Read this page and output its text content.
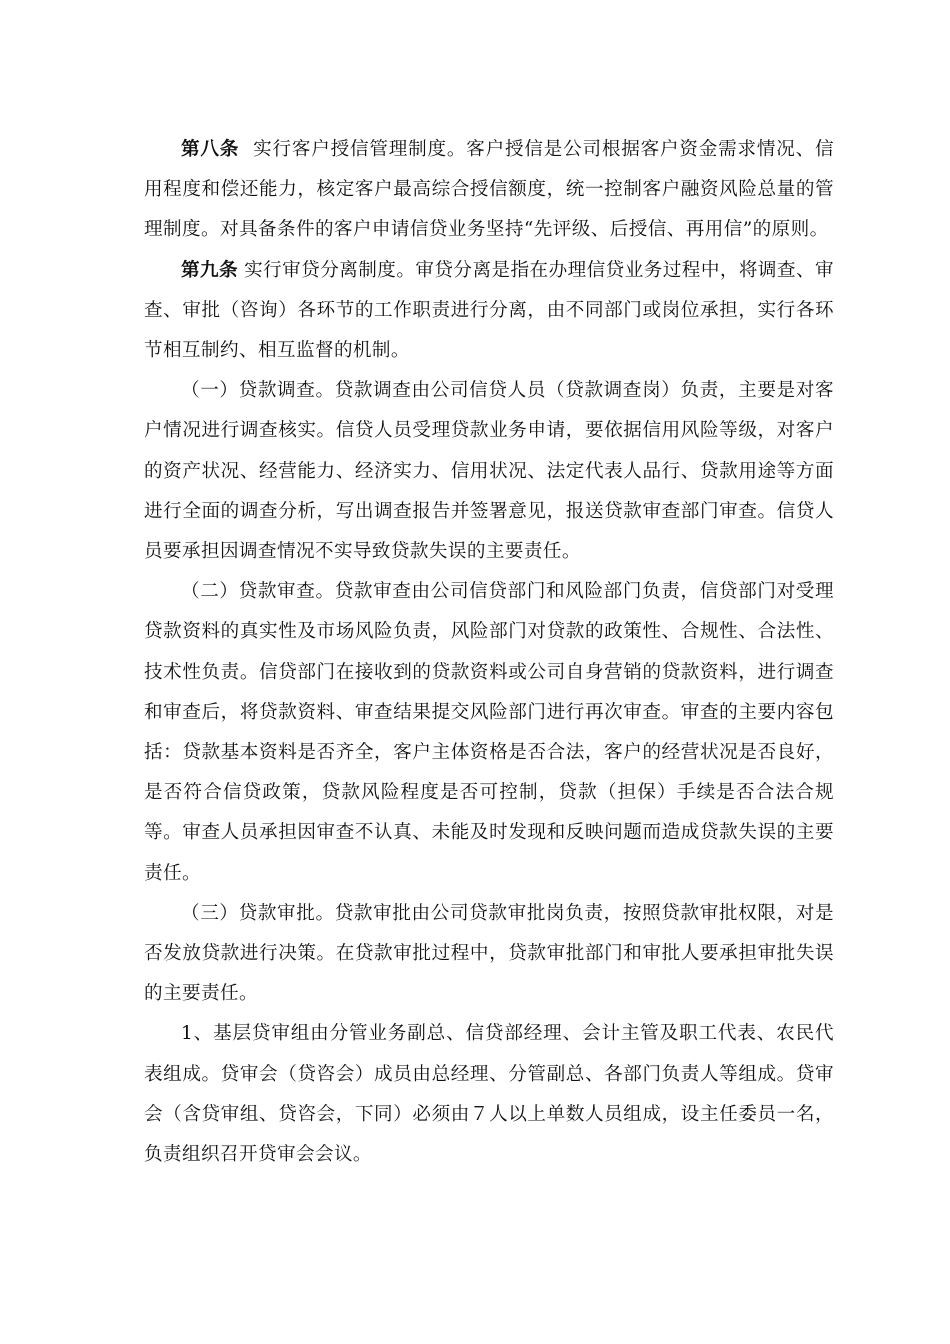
第八条 实行客户授信管理制度。客户授信是公司根据客户资金需求情况、信用程度和偿还能力，核定客户最高综合授信额度，统一控制客户融资风险总量的管理制度。对具备条件的客户申请信贷业务坚持“先评级、后授信、再用信”的原则。

第九条 实行审贷分离制度。审贷分离是指在办理信贷业务过程中，将调查、审查、审批（咨询）各环节的工作职责进行分离，由不同部门或岗位承担，实行各环节相互制约、相互监督的机制。

（一）贷款调查。贷款调查由公司信贷人员（贷款调查岗）负责，主要是对客户情况进行调查核实。信贷人员受理贷款业务申请，要依据信用风险等级，对客户的资产状况、经营能力、经济实力、信用状况、法定代表人品行、贷款用途等方面进行全面的调查分析，写出调查报告并签署意见，报送贷款审查部门审查。信贷人员要承担因调查情况不实导致贷款失误的主要责任。

（二）贷款审查。贷款审查由公司信贷部门和风险部门负责，信贷部门对受理贷款资料的真实性及市场风险负责，风险部门对贷款的政策性、合规性、合法性、技术性负责。信贷部门在接收到的贷款资料或公司自身营销的贷款资料，进行调查和审查后，将贷款资料、审查结果提交风险部门进行再次审查。审查的主要内容包括：贷款基本资料是否齐全，客户主体资格是否合法，客户的经营状况是否良好，是否符合信贷政策，贷款风险程度是否可控制，贷款（担保）手续是否合法合规等。审查人员承担因审查不认真、未能及时发现和反映问题而造成贷款失误的主要责任。

（三）贷款审批。贷款审批由公司贷款审批岗负责，按照贷款审批权限，对是否发放贷款进行决策。在贷款审批过程中，贷款审批部门和审批人要承担审批失误的主要责任。

1、基层贷审组由分管业务副总、信贷部经理、会计主管及职工代表、农民代表组成。贷审会（贷咨会）成员由总经理、分管副总、各部门负责人等组成。贷审会（含贷审组、贷咨会，下同）必须由７人以上单数人员组成，设主任委员一名，负责组织召开贷审会会议。
